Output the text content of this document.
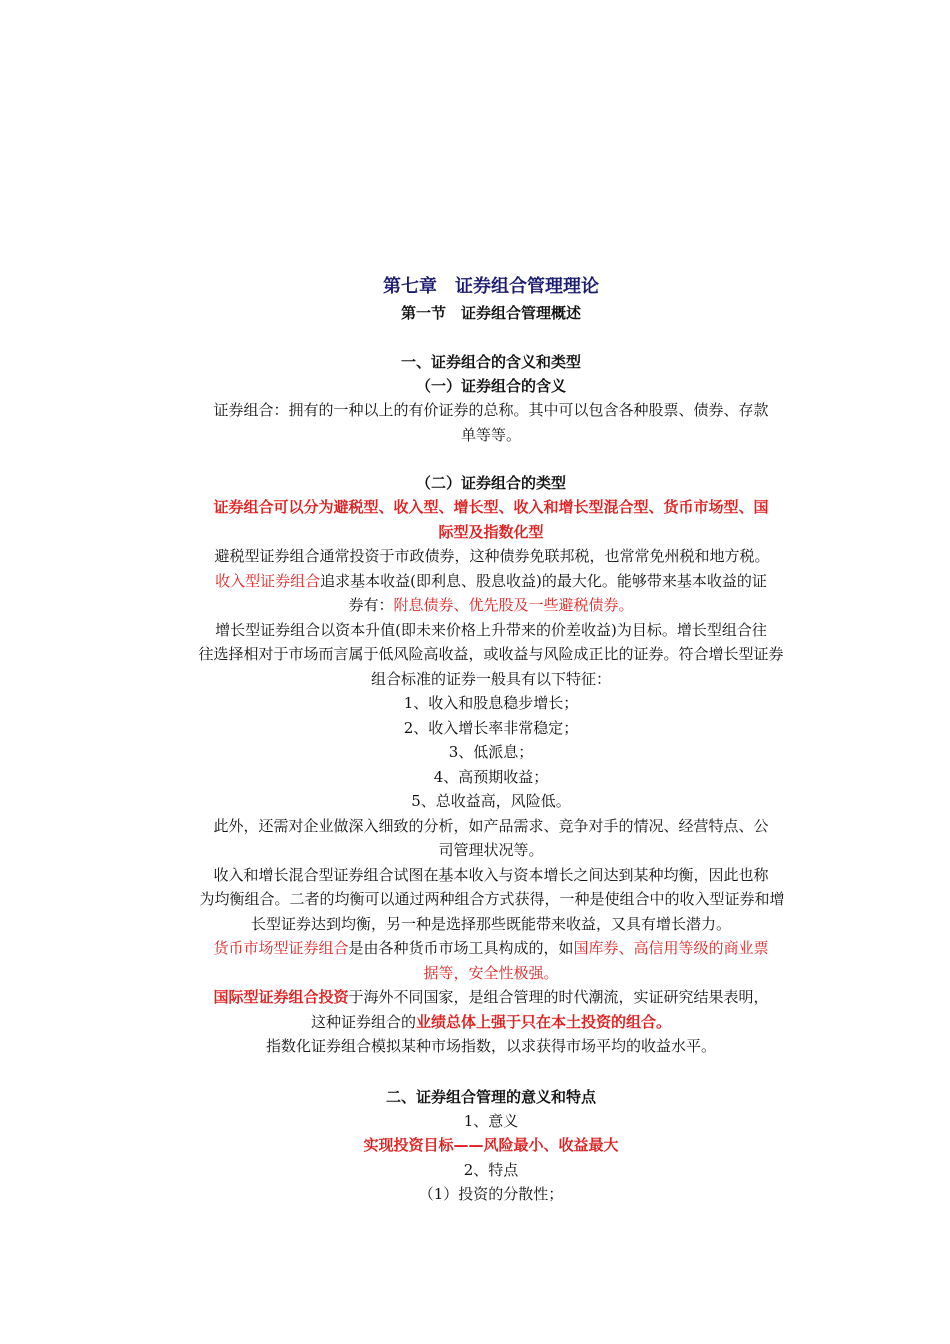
第七章　证券组合管理理论
第一节　证券组合管理概述
一、证券组合的含义和类型
（一）证券组合的含义
证券组合：拥有的一种以上的有价证券的总称。其中可以包含各种股票、债券、存款
单等等。
（二）证券组合的类型
证券组合可以分为避税型、收入型、增长型、收入和增长型混合型、货币市场型、国
际型及指数化型
避税型证券组合通常投资于市政债券，这种债券免联邦税，也常常免州税和地方税。
收入型证券组合追求基本收益(即利息、股息收益)的最大化。能够带来基本收益的证
券有：附息债券、优先股及一些避税债券。
增长型证券组合以资本升值(即未来价格上升带来的价差收益)为目标。增长型组合往
往选择相对于市场而言属于低风险高收益，或收益与风险成正比的证券。符合增长型证券
组合标准的证券一般具有以下特征：
1、收入和股息稳步增长；
2、收入增长率非常稳定；
3、低派息；
4、高预期收益；
5、总收益高，风险低。
此外，还需对企业做深入细致的分析，如产品需求、竞争对手的情况、经营特点、公
司管理状况等。
收入和增长混合型证券组合试图在基本收入与资本增长之间达到某种均衡，因此也称
为均衡组合。二者的均衡可以通过两种组合方式获得，一种是使组合中的收入型证券和增
长型证券达到均衡，另一种是选择那些既能带来收益，又具有增长潜力。
货币市场型证券组合是由各种货币市场工具构成的，如国库券、高信用等级的商业票
据等，安全性极强。
国际型证券组合投资于海外不同国家，是组合管理的时代潮流，实证研究结果表明，
这种证券组合的业绩总体上强于只在本土投资的组合。
指数化证券组合模拟某种市场指数，以求获得市场平均的收益水平。
二、证券组合管理的意义和特点
1、意义
实现投资目标——风险最小、收益最大
2、特点
（1）投资的分散性；
